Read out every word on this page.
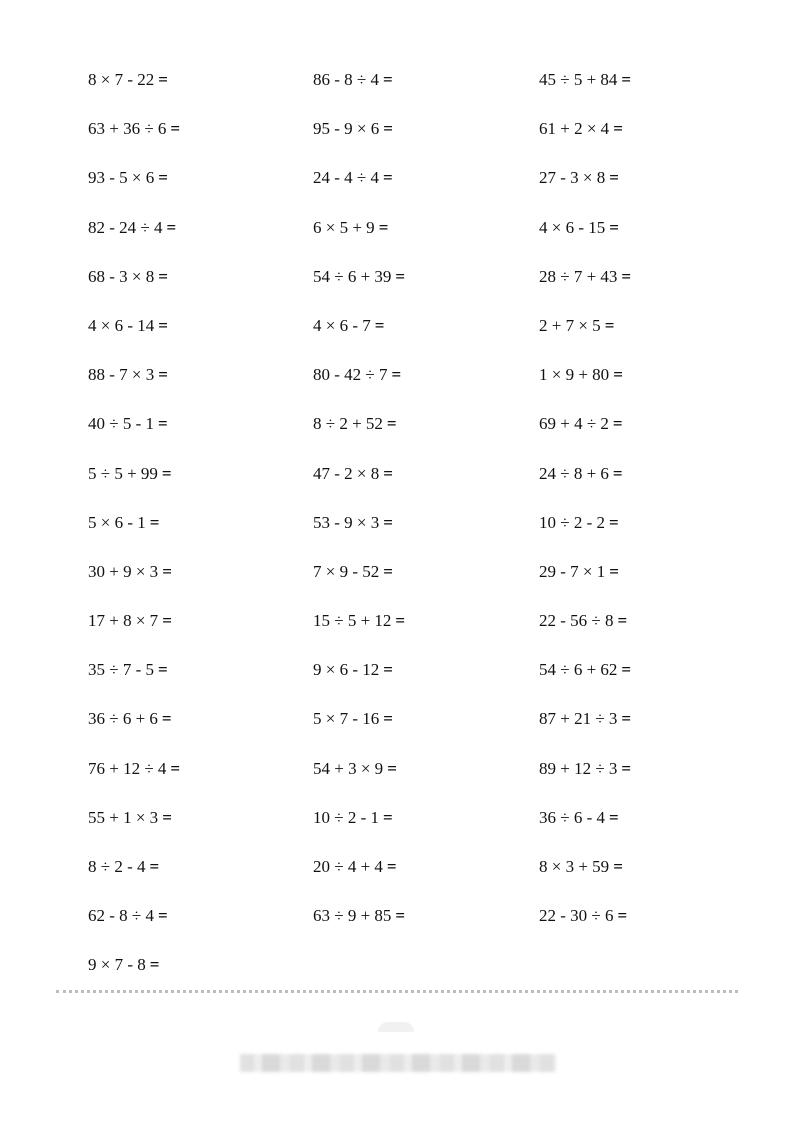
8 × 7 - 22 =
63 + 36 ÷ 6 =
93 - 5 × 6 =
82 - 24 ÷ 4 =
68 - 3 × 8 =
4 × 6 - 14 =
88 - 7 × 3 =
40 ÷ 5 - 1 =
5 ÷ 5 + 99 =
5 × 6 - 1 =
30 + 9 × 3 =
17 + 8 × 7 =
35 ÷ 7 - 5 =
36 ÷ 6 + 6 =
76 + 12 ÷ 4 =
55 + 1 × 3 =
8 ÷ 2 - 4 =
62 - 8 ÷ 4 =
9 × 7 - 8 =
86 - 8 ÷ 4 =
95 - 9 × 6 =
24 - 4 ÷ 4 =
6 × 5 + 9 =
54 ÷ 6 + 39 =
4 × 6 - 7 =
80 - 42 ÷ 7 =
8 ÷ 2 + 52 =
47 - 2 × 8 =
53 - 9 × 3 =
7 × 9 - 52 =
15 ÷ 5 + 12 =
9 × 6 - 12 =
5 × 7 - 16 =
54 + 3 × 9 =
10 ÷ 2 - 1 =
20 ÷ 4 + 4 =
63 ÷ 9 + 85 =
45 ÷ 5 + 84 =
61 + 2 × 4 =
27 - 3 × 8 =
4 × 6 - 15 =
28 ÷ 7 + 43 =
2 + 7 × 5 =
1 × 9 + 80 =
69 + 4 ÷ 2 =
24 ÷ 8 + 6 =
10 ÷ 2 - 2 =
29 - 7 × 1 =
22 - 56 ÷ 8 =
54 ÷ 6 + 62 =
87 + 21 ÷ 3 =
89 + 12 ÷ 3 =
36 ÷ 6 - 4 =
8 × 3 + 59 =
22 - 30 ÷ 6 =
